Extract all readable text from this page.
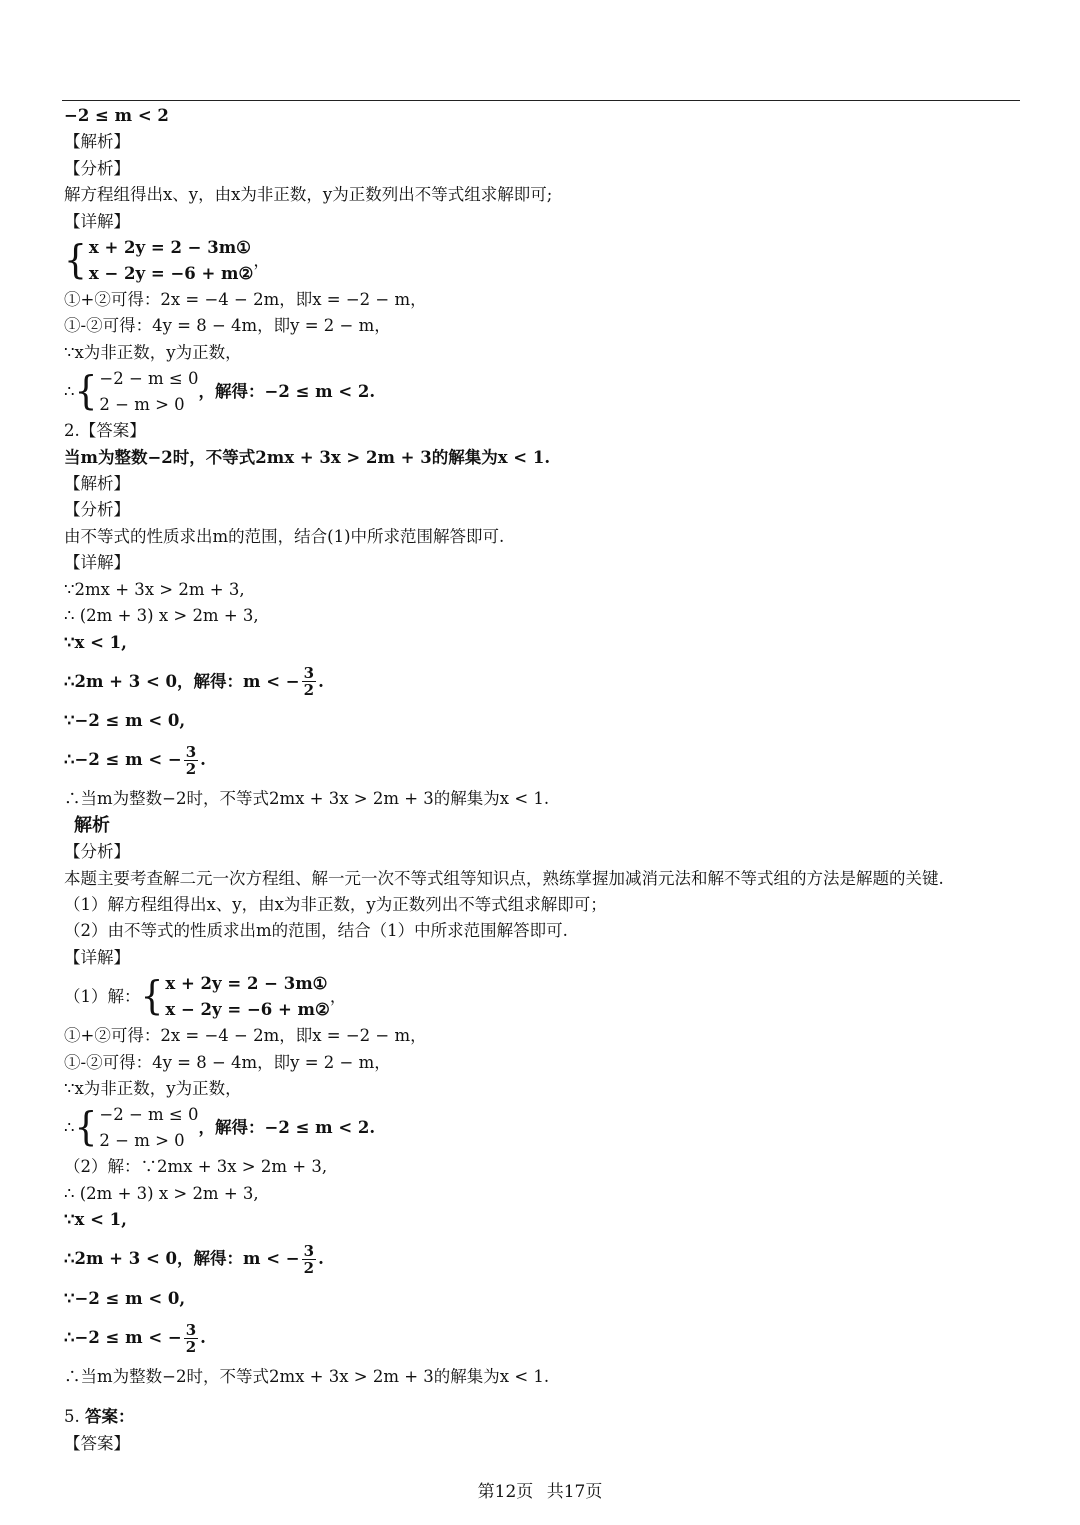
−2 ≤ m < 2
【解析】
【分析】
解方程组得出x、y，由x为非正数，y为正数列出不等式组求解即可;
【详解】
{ x + 2y = 2 − 3m①
x − 2y = −6 + m②
，
①+②可得：2x = −4 − 2m，即x = −2 − m，
①-②可得：4y = 8 − 4m，即y = 2 − m，
∵x为非正数，y为正数，
∴ { −2 − m ≤ 0
2 − m > 0
，解得：−2 ≤ m < 2.
2.【答案】
当m为整数−2时，不等式2mx + 3x > 2m + 3的解集为x < 1.
【解析】
【分析】
由不等式的性质求出m的范围，结合(1)中所求范围解答即可.
【详解】
∵2mx + 3x > 2m + 3,
∴ (2m + 3) x > 2m + 3,
∵x < 1,
∴2m + 3 < 0，解得：m < − $\frac{3}{2}$ .
∵−2 ≤ m < 0,
∴−2 ≤ m < − $\frac{3}{2}$ .
∴当m为整数−2时，不等式2mx + 3x > 2m + 3的解集为x < 1.
解析
【分析】
本题主要考查解二元一次方程组、解一元一次不等式组等知识点，熟练掌握加减消元法和解不等式组的方法是解题的关键.
（1）解方程组得出x、y，由x为非正数，y为正数列出不等式组求解即可；
（2）由不等式的性质求出m的范围，结合（1）中所求范围解答即可.
【详解】
（1）解： { x + 2y = 2 − 3m①
x − 2y = −6 + m②
，
①+②可得：2x = −4 − 2m，即x = −2 − m，
①-②可得：4y = 8 − 4m，即y = 2 − m，
∵x为非正数，y为正数，
∴ { −2 − m ≤ 0
2 − m > 0
，解得：−2 ≤ m < 2.
（2）解：∵2mx + 3x > 2m + 3,
∴ (2m + 3) x > 2m + 3,
∵x < 1,
∴2m + 3 < 0，解得：m < − $\frac{3}{2}$ .
∵−2 ≤ m < 0,
∴−2 ≤ m < − $\frac{3}{2}$ .
∴当m为整数−2时，不等式2mx + 3x > 2m + 3的解集为x < 1.
5. 答案：
【答案】
第12页 共17页
